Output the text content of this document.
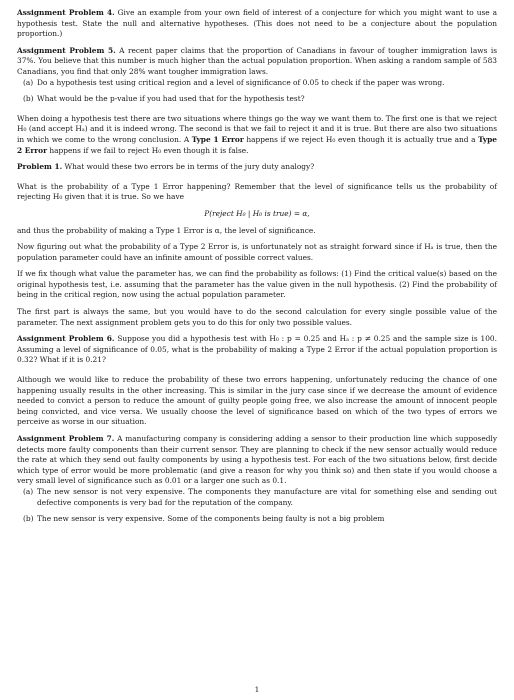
Assignment Problem 4. Give an example from your own field of interest of a conjecture for which you might want to use a hypothesis test. State the null and alternative hypotheses. (This does not need to be a conjecture about the population proportion.)

Assignment Problem 5. A recent paper claims that the proportion of Canadians in favour of tougher immigration laws is 37%. You believe that this number is much higher than the actual population proportion. When asking a random sample of 583 Canadians, you find that only 28% want tougher immigration laws.

(a) Do a hypothesis test using critical region and a level of significance of 0.05 to check if the paper was wrong.

(b) What would be the p-value if you had used that for the hypothesis test?

When doing a hypothesis test there are two situations where things go the way we want them to. The first one is that we reject H₀ (and accept Hₐ) and it is indeed wrong. The second is that we fail to reject it and it is true. But there are also two situations in which we come to the wrong conclusion. A Type 1 Error happens if we reject H₀ even though it is actually true and a Type 2 Error happens if we fail to reject H₀ even though it is false.

Problem 1. What would these two errors be in terms of the jury duty analogy?

What is the probability of a Type 1 Error happening? Remember that the level of significance tells us the probability of rejecting H₀ given that it is true. So we have

P(reject H₀ | H₀ is true) = α,

and thus the probability of making a Type 1 Error is α, the level of significance.

Now figuring out what the probability of a Type 2 Error is, is unfortunately not as straight forward since if Hₐ is true, then the population parameter could have an infinite amount of possible correct values.

If we fix though what value the parameter has, we can find the probability as follows: (1) Find the critical value(s) based on the original hypothesis test, i.e. assuming that the parameter has the value given in the null hypothesis. (2) Find the probability of being in the critical region, now using the actual population parameter.

The first part is always the same, but you would have to do the second calculation for every single possible value of the parameter. The next assignment problem gets you to do this for only two possible values.

Assignment Problem 6. Suppose you did a hypothesis test with H₀ : p = 0.25 and Hₐ : p ≠ 0.25 and the sample size is 100. Assuming a level of significance of 0.05, what is the probability of making a Type 2 Error if the actual population proportion is 0.32? What if it is 0.21?

Although we would like to reduce the probability of these two errors happening, unfortunately reducing the chance of one happening usually results in the other increasing. This is similar in the jury case since if we decrease the amount of evidence needed to convict a person to reduce the amount of guilty people going free, we also increase the amount of innocent people being convicted, and vice versa. We usually choose the level of significance based on which of the two types of errors we perceive as worse in our situation.

Assignment Problem 7. A manufacturing company is considering adding a sensor to their production line which supposedly detects more faulty components than their current sensor. They are planning to check if the new sensor actually would reduce the rate at which they send out faulty components by using a hypothesis test. For each of the two situations below, first decide which type of error would be more problematic (and give a reason for why you think so) and then state if you would choose a very small level of significance such as 0.01 or a larger one such as 0.1.

(a) The new sensor is not very expensive. The components they manufacture are vital for something else and sending out defective components is very bad for the reputation of the company.

(b) The new sensor is very expensive. Some of the components being faulty is not a big problem

1
